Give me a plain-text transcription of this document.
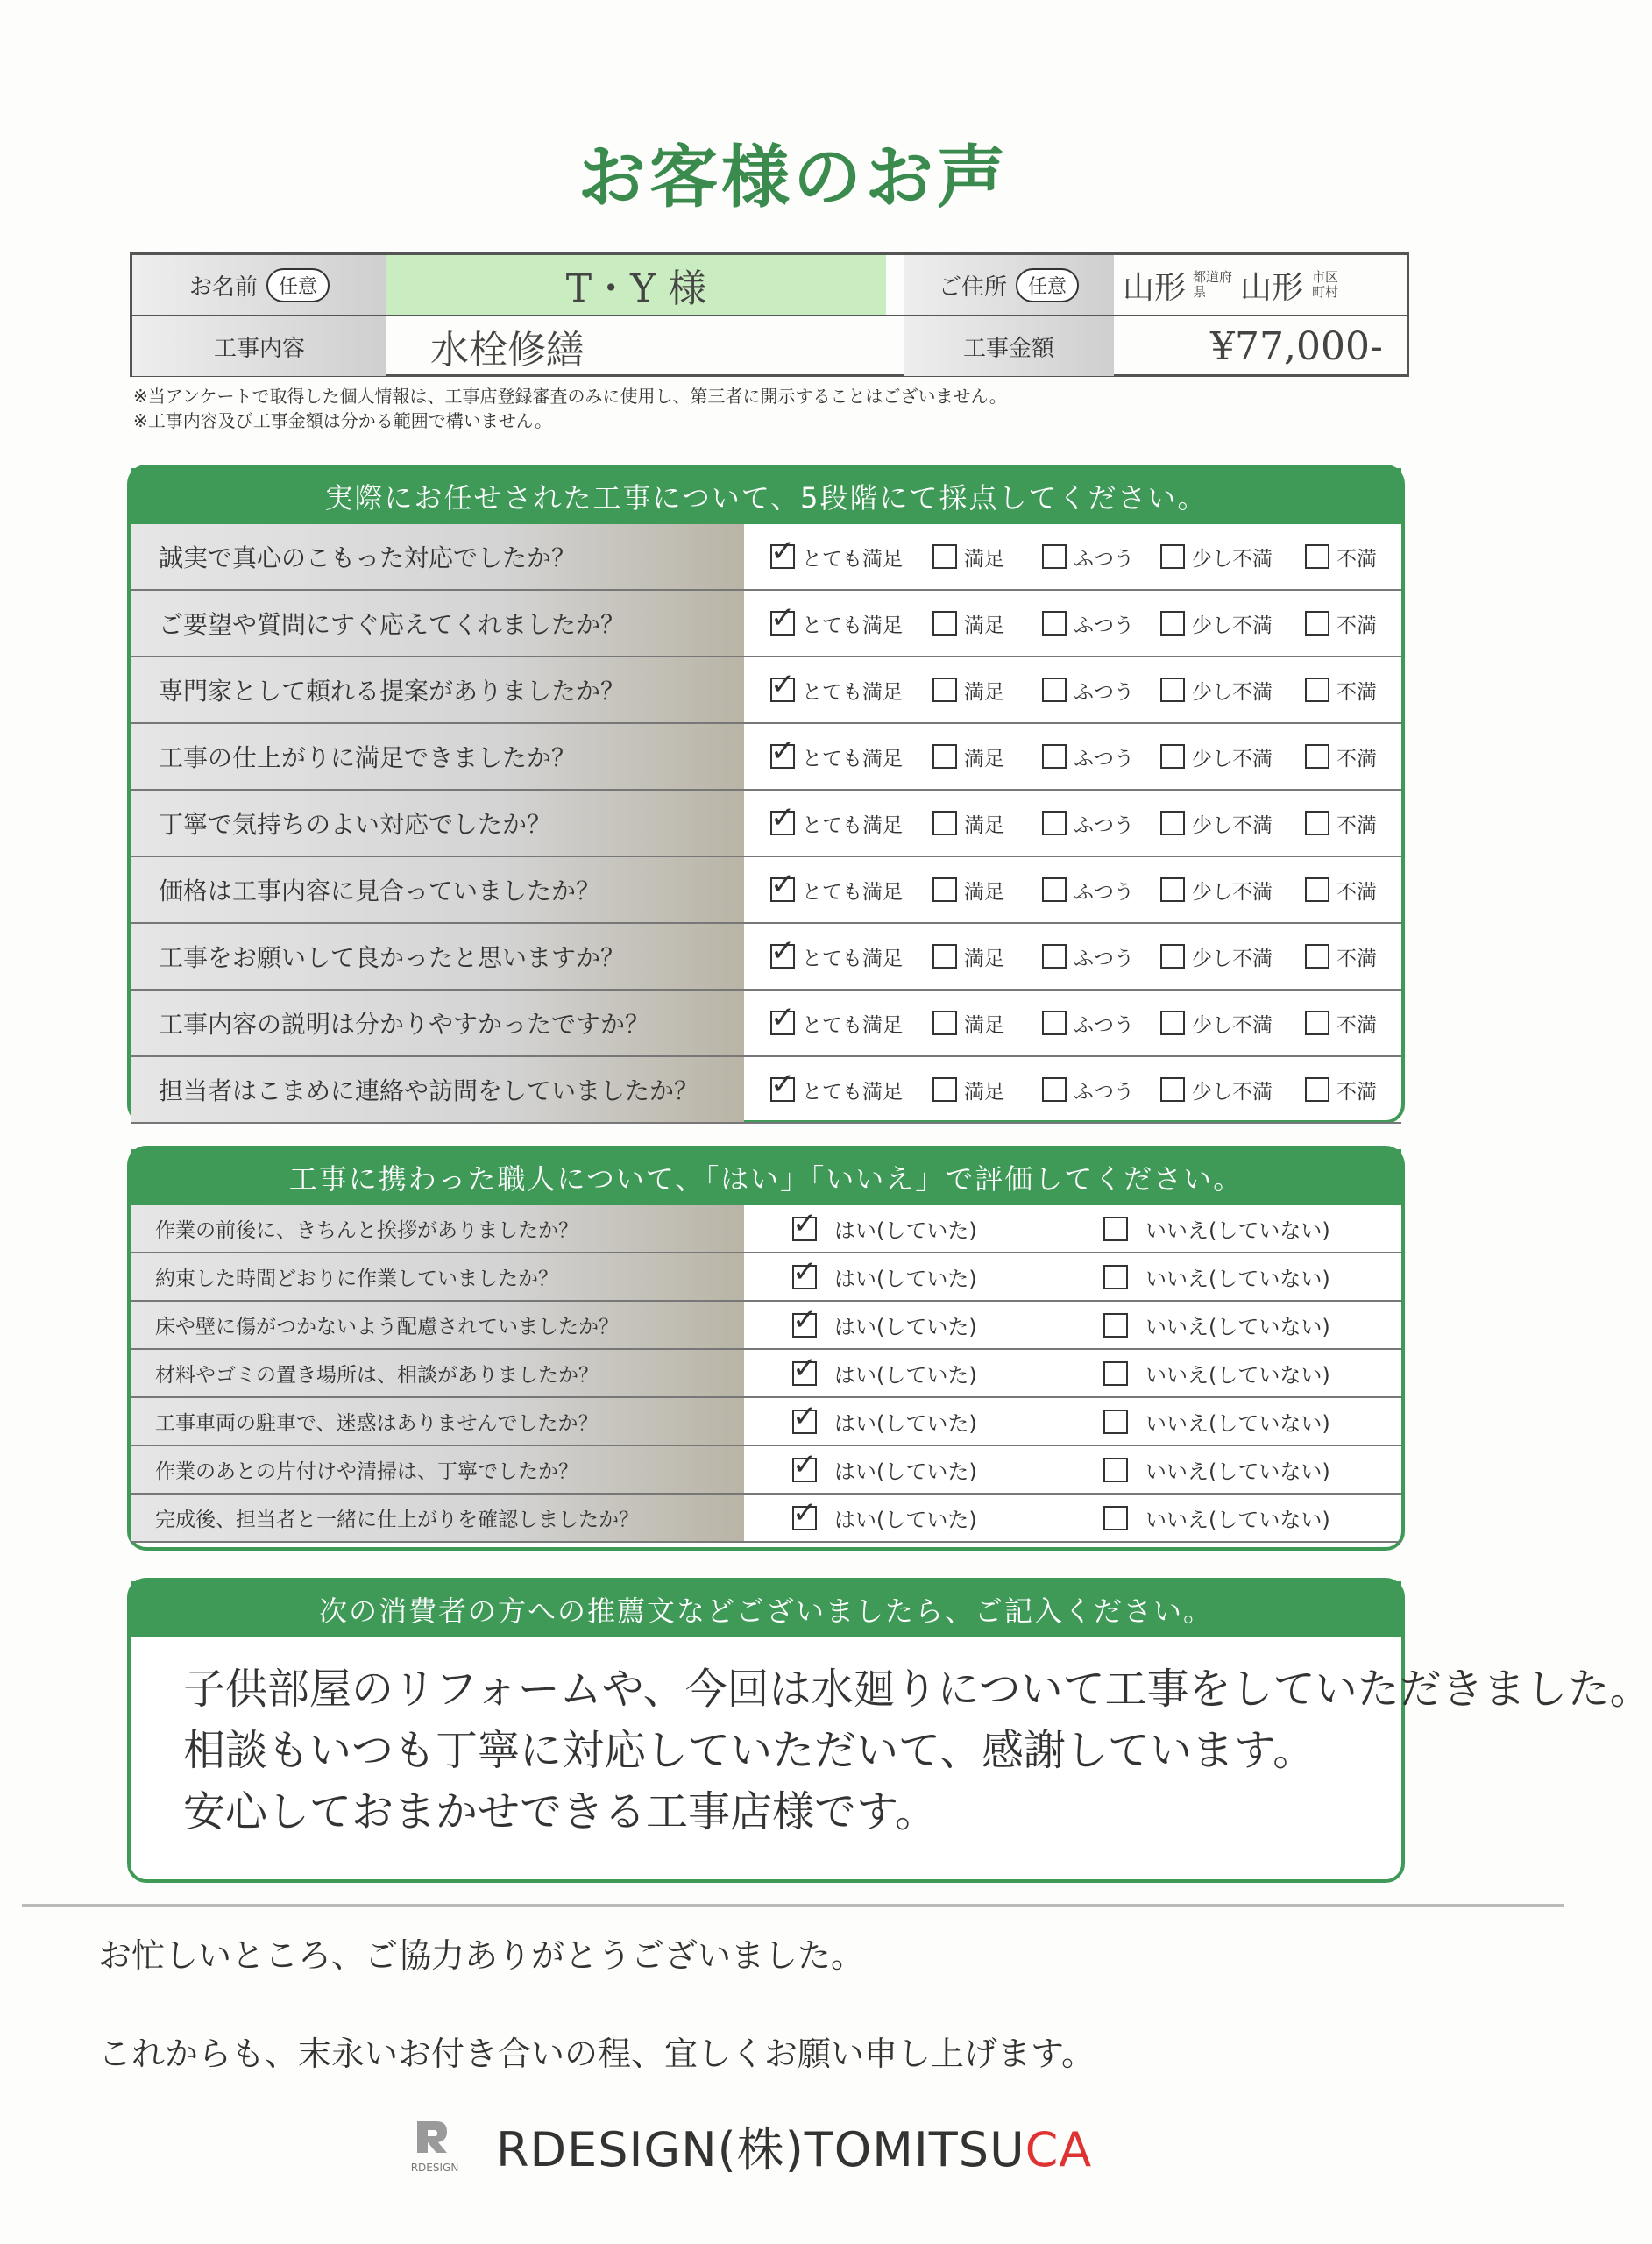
お客様のお声
お名前	任意	T・Y 様	ご住所	任意	山形 都道府県	山形 市区町村
工事内容	水栓修繕	工事金額	¥77,000-
※当アンケートで取得した個人情報は、工事店登録審査のみに使用し、第三者に開示することはございません。
※工事内容及び工事金額は分かる範囲で構いません。
実際にお任せされた工事について、5段階にて採点してください。
誠実で真心のこもった対応でしたか？ ✓	とても満足	満足	ふつう	少し不満	不満
ご要望や質問にすぐ応えてくれましたか？ ✓	とても満足	満足	ふつう	少し不満	不満
専門家として頼れる提案がありましたか？ ✓	とても満足	満足	ふつう	少し不満	不満
工事の仕上がりに満足できましたか？ ✓	とても満足	満足	ふつう	少し不満	不満
丁寧で気持ちのよい対応でしたか？ ✓	とても満足	満足	ふつう	少し不満	不満
価格は工事内容に見合っていましたか？ ✓	とても満足	満足	ふつう	少し不満	不満
工事をお願いして良かったと思いますか？ ✓	とても満足	満足	ふつう	少し不満	不満
工事内容の説明は分かりやすかったですか？ ✓	とても満足	満足	ふつう	少し不満	不満
担当者はこまめに連絡や訪問をしていましたか？ ✓	とても満足	満足	ふつう	少し不満	不満
工事に携わった職人について、「はい」「いいえ」で評価してください。
作業の前後に、きちんと挨拶がありましたか？ ✓	はい(していた)	いいえ(していない)
約束した時間どおりに作業していましたか？ ✓	はい(していた)	いいえ(していない)
床や壁に傷がつかないよう配慮されていましたか？ ✓	はい(していた)	いいえ(していない)
材料やゴミの置き場所は、相談がありましたか？ ✓	はい(していた)	いいえ(していない)
工事車両の駐車で、迷惑はありませんでしたか？ ✓	はい(していた)	いいえ(していない)
作業のあとの片付けや清掃は、丁寧でしたか？ ✓	はい(していた)	いいえ(していない)
完成後、担当者と一緒に仕上がりを確認しましたか？ ✓	はい(していた)	いいえ(していない)
次の消費者の方への推薦文などございましたら、ご記入ください。
子供部屋のリフォームや、今回は水廻りについて工事をしていただきました。
相談もいつも丁寧に対応していただいて、感謝しています。
安心しておまかせできる工事店様です。
お忙しいところ、ご協力ありがとうございました。
これからも、末永いお付き合いの程、宜しくお願い申し上げます。
RDESIGN RDESIGN(株)TOMITSUCA
